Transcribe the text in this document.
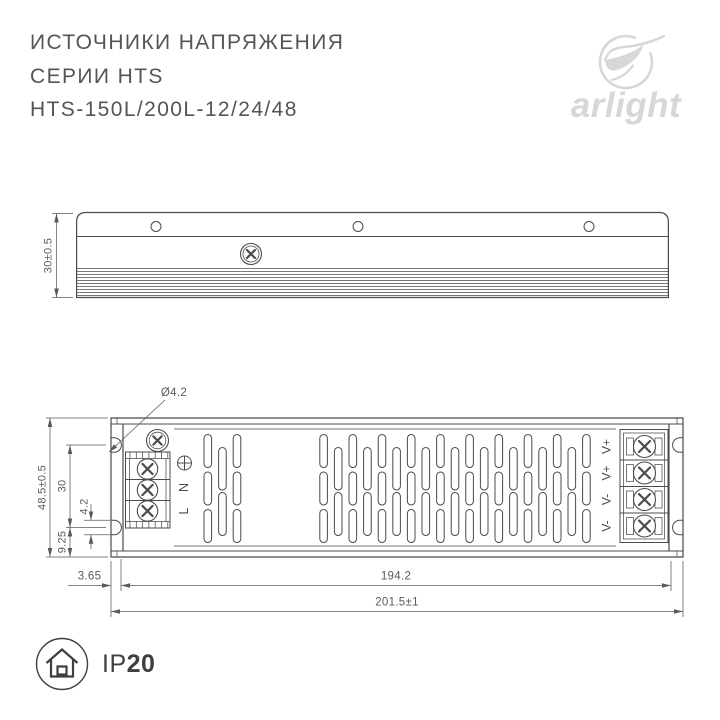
ИСТОЧНИКИ НАПРЯЖЕНИЯ
СЕРИИ HTS
HTS-150L/200L-12/24/48	arlight
30±0.5
N
L
V+
V+
V-
V-
48.5±0.5 30
4.2
9.25
Ø4.2
3.65	194.2
201.5±1
IP20
